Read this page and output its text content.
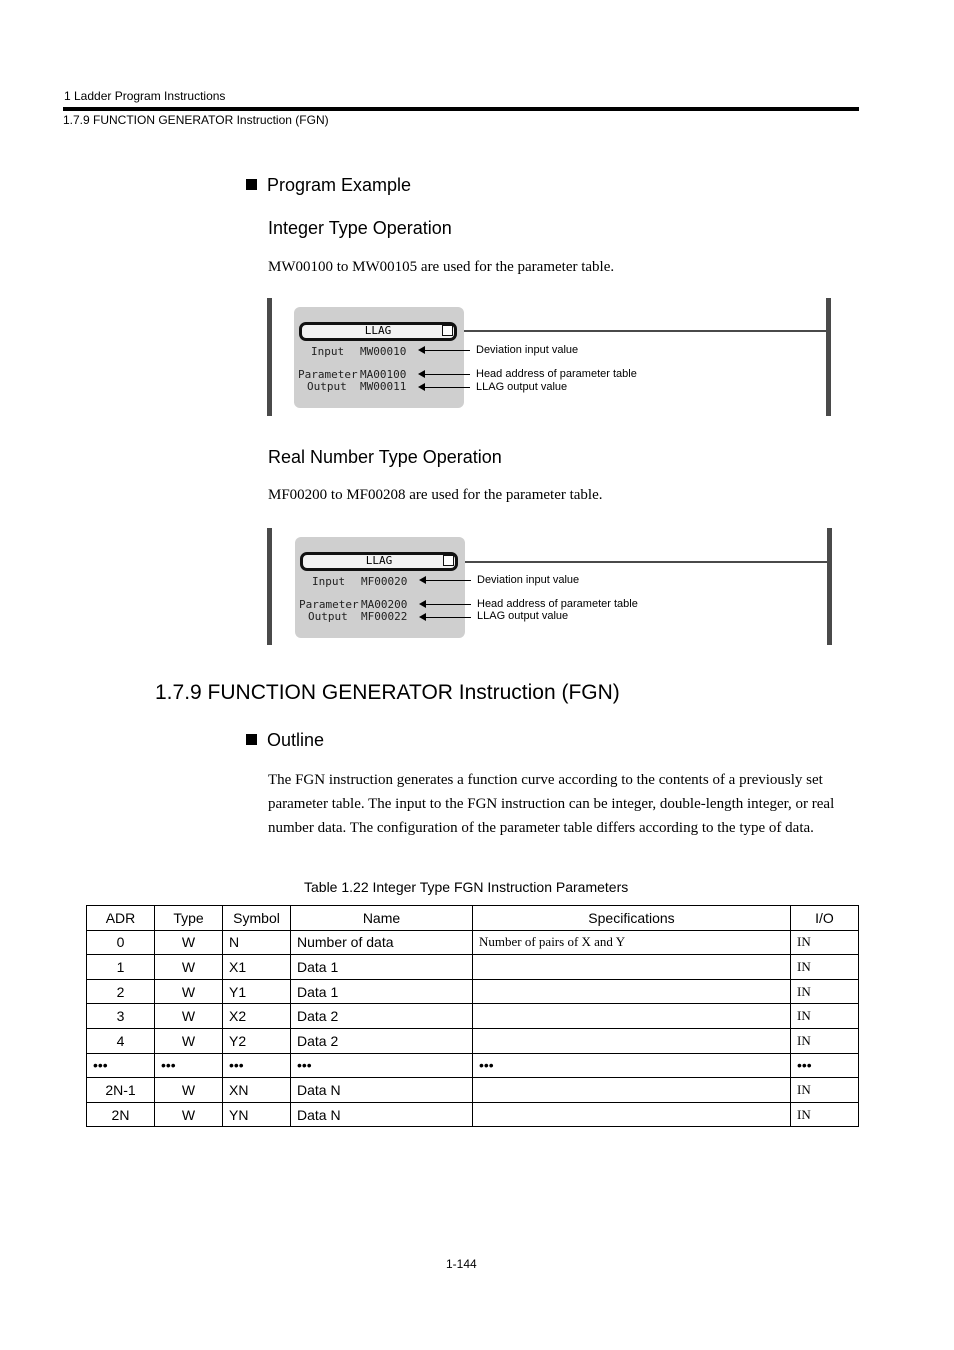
1 Ladder Program Instructions
1.7.9 FUNCTION GENERATOR Instruction (FGN)
Program Example
Integer Type Operation
MW00100 to MW00105 are used for the parameter table.
LLAG
Input MW00010
Parameter MA00100
Output MW00011
Deviation input value
Head address of parameter table
LLAG output value
Real Number Type Operation
MF00200 to MF00208 are used for the parameter table.
LLAG
Input MF00020
Parameter MA00200
Output MF00022
Deviation input value
Head address of parameter table
LLAG output value
1.7.9 FUNCTION GENERATOR Instruction (FGN)
Outline
The FGN instruction generates a function curve according to the contents of a previously set parameter table. The input to the FGN instruction can be integer, double-length integer, or real number data. The configuration of the parameter table differs according to the type of data.
Table 1.22 Integer Type FGN Instruction Parameters
ADR	Type	Symbol	Name	Specifications	I/O
0	W	N	Number of data	Number of pairs of X and Y	IN
1	W	X1	Data 1		IN
2	W	Y1	Data 1		IN
3	W	X2	Data 2		IN
4	W	Y2	Data 2		IN
•••	•••	•••	•••	•••	•••
2N-1	W	XN	Data N		IN
2N	W	YN	Data N		IN
1-144
